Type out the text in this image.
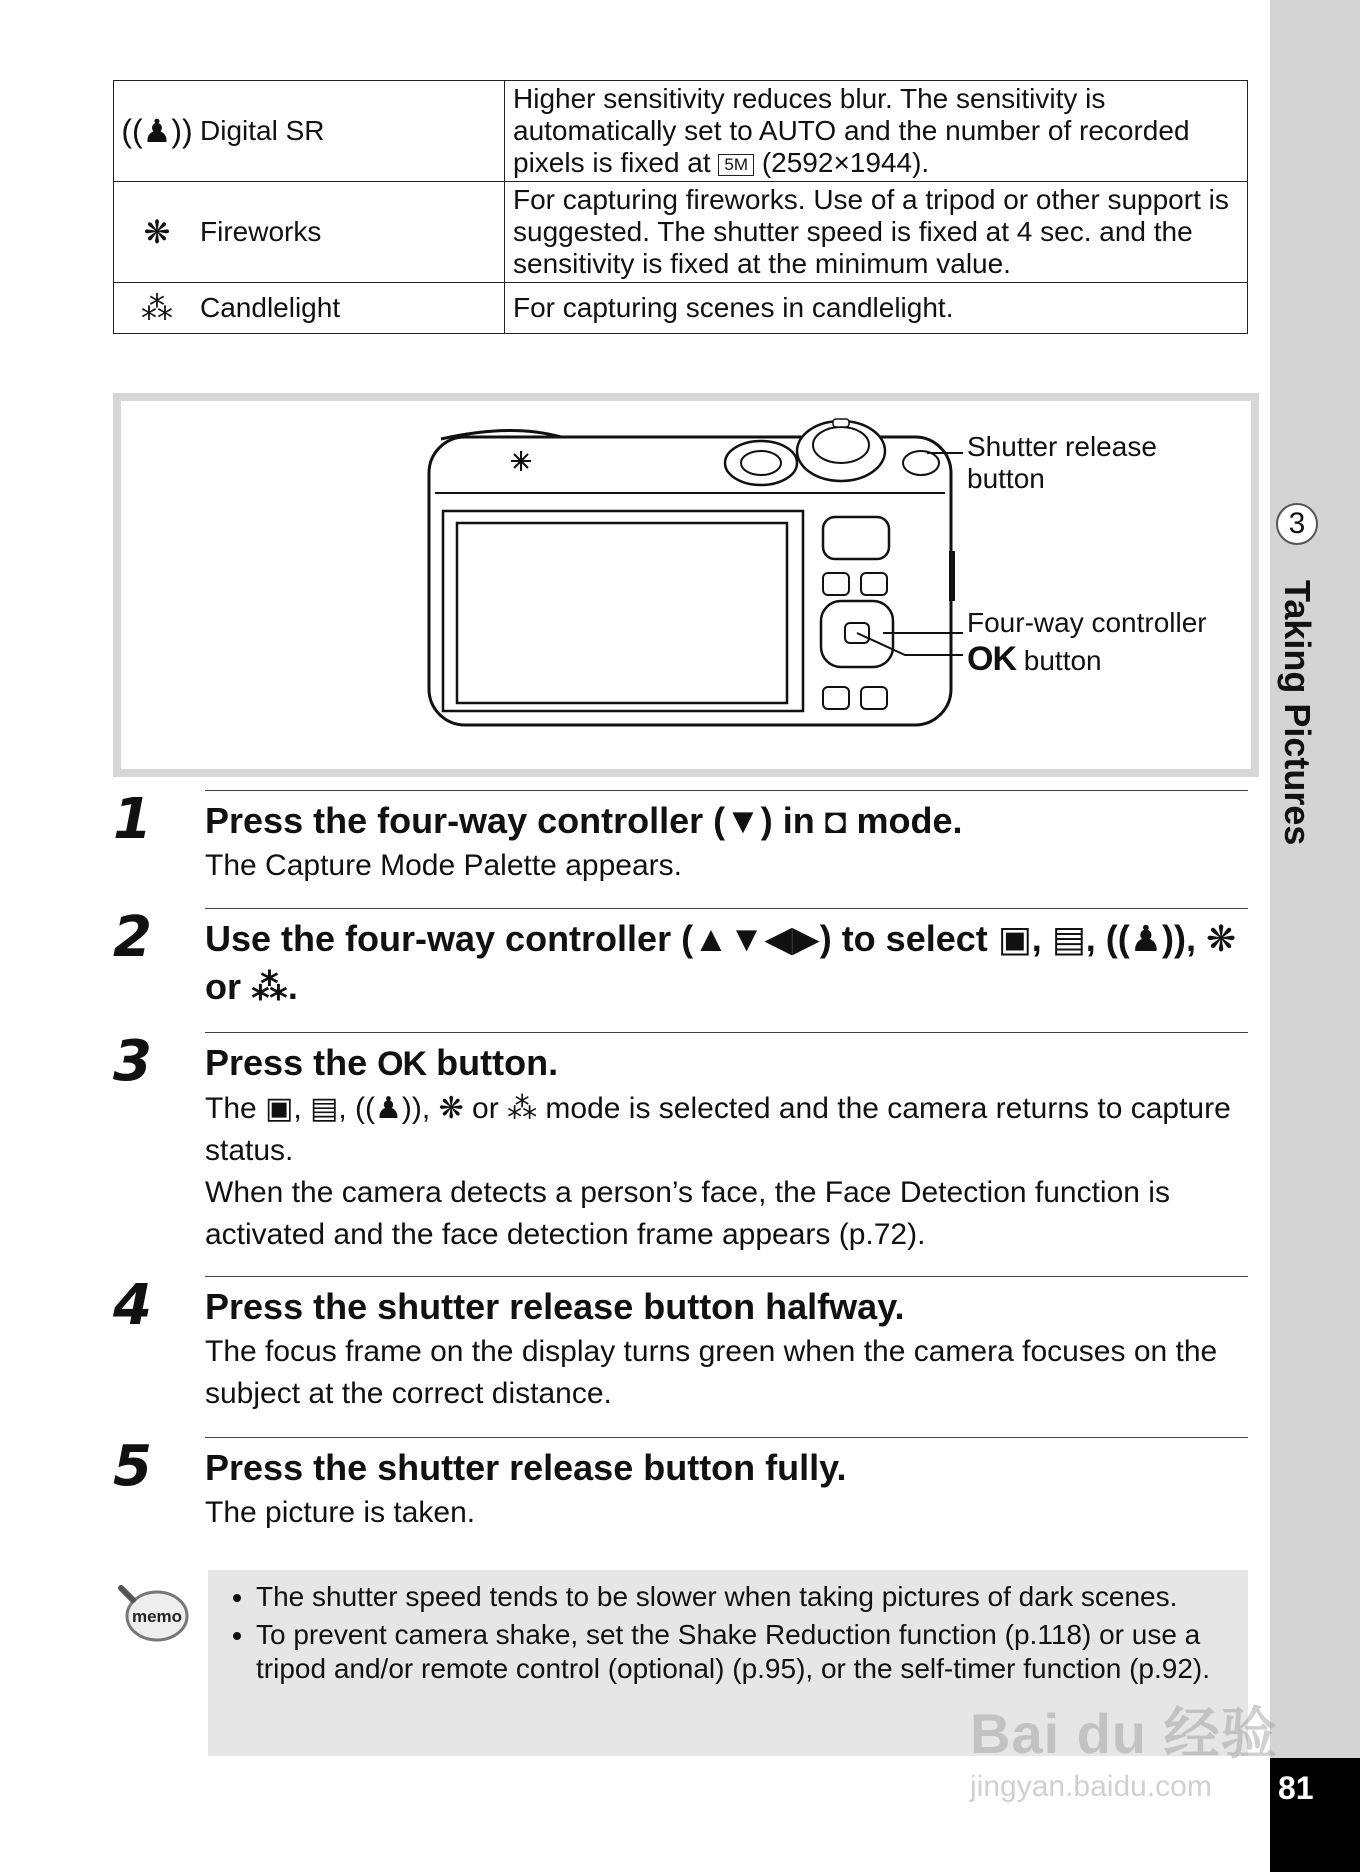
3
Taking Pictures
81
((♟)) Digital SR	Higher sensitivity reduces blur. The sensitivity is automatically set to AUTO and the number of recorded pixels is fixed at 5M (2592×1944).

❋ Fireworks	For capturing fireworks. Use of a tripod or other support is suggested. The shutter speed is fixed at 4 sec. and the sensitivity is fixed at the minimum value.

⁂ Candlelight	For capturing scenes in candlelight.
Shutter release
button
Four-way controller
OK button
1 Press the four-way controller (▼) in ◘ mode.
The Capture Mode Palette appears.
2 Use the four-way controller (▲▼◀▶) to select ▣, ▤, ((♟)), ❋ or ⁂.
3 Press the OK button.
The ▣, ▤, ((♟)), ❋ or ⁂ mode is selected and the camera returns to capture status.
When the camera detects a person’s face, the Face Detection function is activated and the face detection frame appears (p.72).
4 Press the shutter release button halfway.
The focus frame on the display turns green when the camera focuses on the subject at the correct distance.
5 Press the shutter release button fully.
The picture is taken.
memo
• The shutter speed tends to be slower when taking pictures of dark scenes.
• To prevent camera shake, set the Shake Reduction function (p.118) or use a tripod and/or remote control (optional) (p.95), or the self-timer function (p.92).
Bai du 经验
jingyan.baidu.com
